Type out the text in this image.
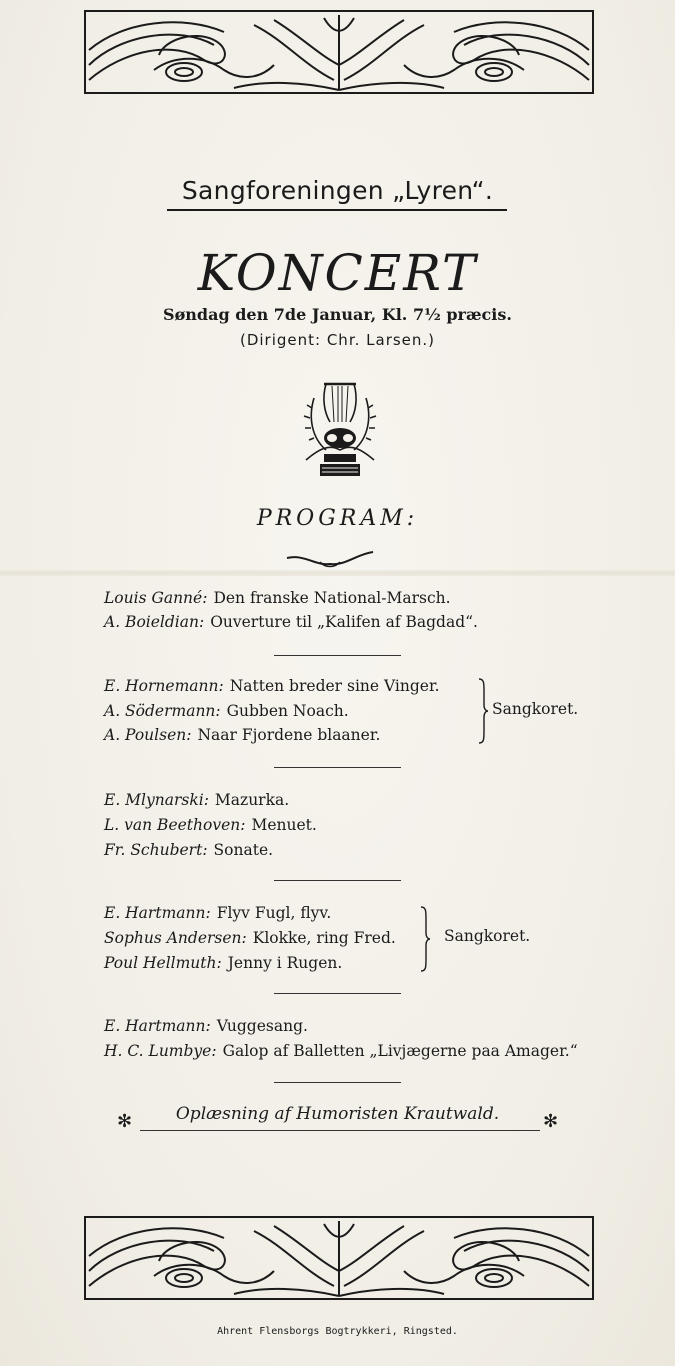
Sangforeningen „Lyren“.
KONCERT
Søndag den 7de Januar, Kl. 7½ præcis.
(Dirigent: Chr. Larsen.)
PROGRAM:
Louis Ganné: Den franske National-Marsch.
A. Boieldian: Ouverture til „Kalifen af Bagdad“.
E. Hornemann: Natten breder sine Vinger.
A. Södermann: Gubben Noach.
A. Poulsen: Naar Fjordene blaaner.
Sangkoret.
E. Mlynarski: Mazurka.
L. van Beethoven: Menuet.
Fr. Schubert: Sonate.
E. Hartmann: Flyv Fugl, flyv.
Sophus Andersen: Klokke, ring Fred.
Poul Hellmuth: Jenny i Rugen.
Sangkoret.
E. Hartmann: Vuggesang.
H. C. Lumbye: Galop af Balletten „Livjægerne paa Amager.“
✻	Oplæsning af Humoristen Krautwald.	✻
Ahrent Flensborgs Bogtrykkeri, Ringsted.
